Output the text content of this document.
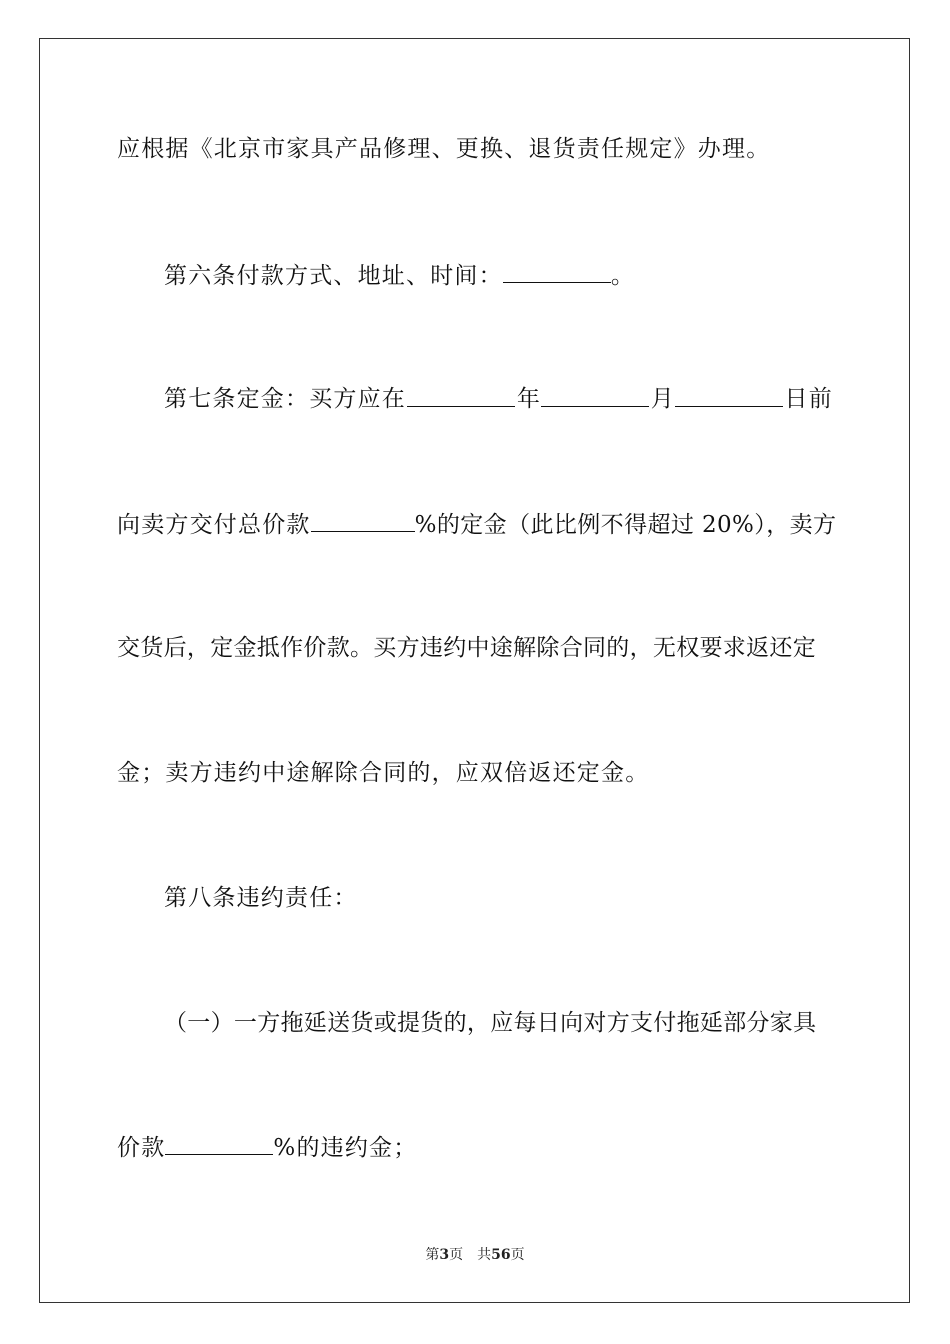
应根据《北京市家具产品修理、更换、退货责任规定》办理。
第六条付款方式、地址、时间：	。
第七条定金：买方应在	年	月	日前
向卖方交付总价款	%的定金（此比例不得超过 20%），卖方
交货后，定金抵作价款。买方违约中途解除合同的，无权要求返还定
金；卖方违约中途解除合同的，应双倍返还定金。
第八条违约责任：
（一）一方拖延送货或提货的，应每日向对方支付拖延部分家具
价款	%的违约金；
第3页 共56页
